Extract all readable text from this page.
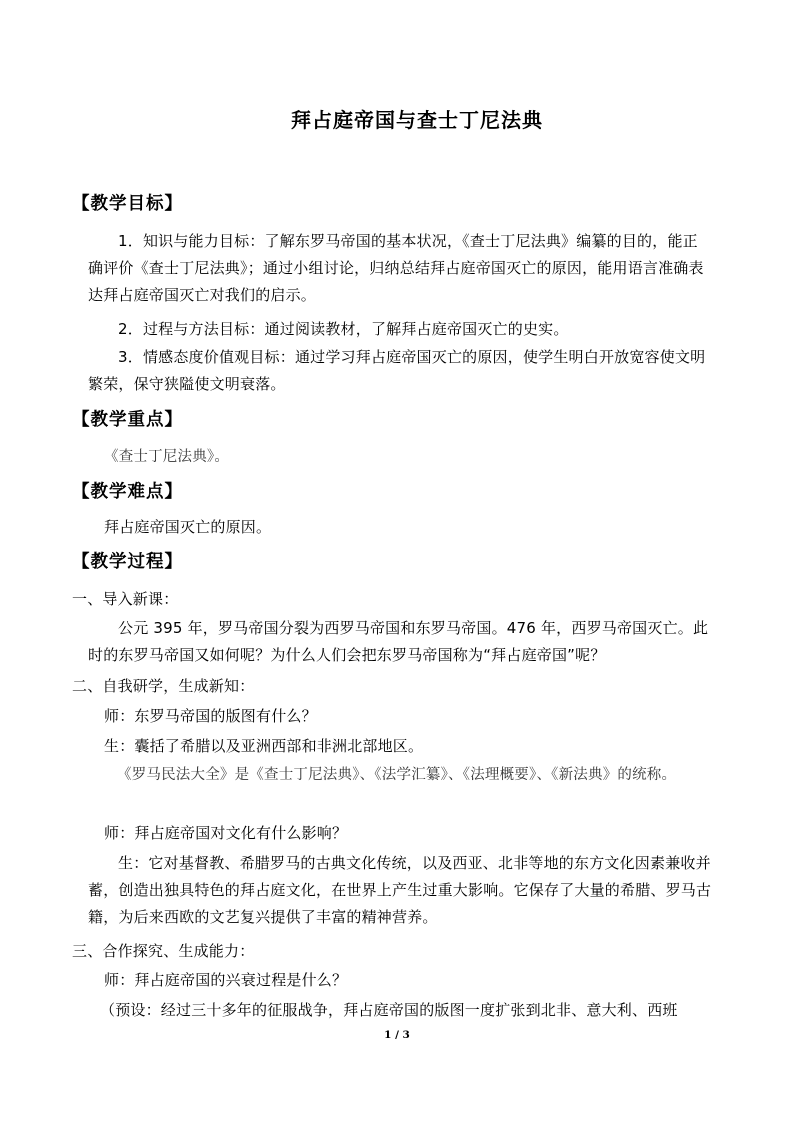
拜占庭帝国与查士丁尼法典
【教学目标】
1．知识与能力目标：了解东罗马帝国的基本状况，《查士丁尼法典》编纂的目的，能正确评价《查士丁尼法典》；通过小组讨论，归纳总结拜占庭帝国灭亡的原因，能用语言准确表达拜占庭帝国灭亡对我们的启示。
2．过程与方法目标：通过阅读教材，了解拜占庭帝国灭亡的史实。
3．情感态度价值观目标：通过学习拜占庭帝国灭亡的原因，使学生明白开放宽容使文明繁荣，保守狭隘使文明衰落。
【教学重点】
《查士丁尼法典》。
【教学难点】
拜占庭帝国灭亡的原因。
【教学过程】
一、导入新课：
公元 395 年，罗马帝国分裂为西罗马帝国和东罗马帝国。476 年，西罗马帝国灭亡。此时的东罗马帝国又如何呢？为什么人们会把东罗马帝国称为“拜占庭帝国”呢？
二、自我研学，生成新知：
师：东罗马帝国的版图有什么？
生：囊括了希腊以及亚洲西部和非洲北部地区。
《罗马民法大全》是《查士丁尼法典》、《法学汇纂》、《法理概要》、《新法典》的统称。
师：拜占庭帝国对文化有什么影响？
生：它对基督教、希腊罗马的古典文化传统，以及西亚、北非等地的东方文化因素兼收并蓄，创造出独具特色的拜占庭文化，在世界上产生过重大影响。它保存了大量的希腊、罗马古籍，为后来西欧的文艺复兴提供了丰富的精神营养。
三、合作探究、生成能力：
师：拜占庭帝国的兴衰过程是什么？
（预设：经过三十多年的征服战争，拜占庭帝国的版图一度扩张到北非、意大利、西班
1 / 3
